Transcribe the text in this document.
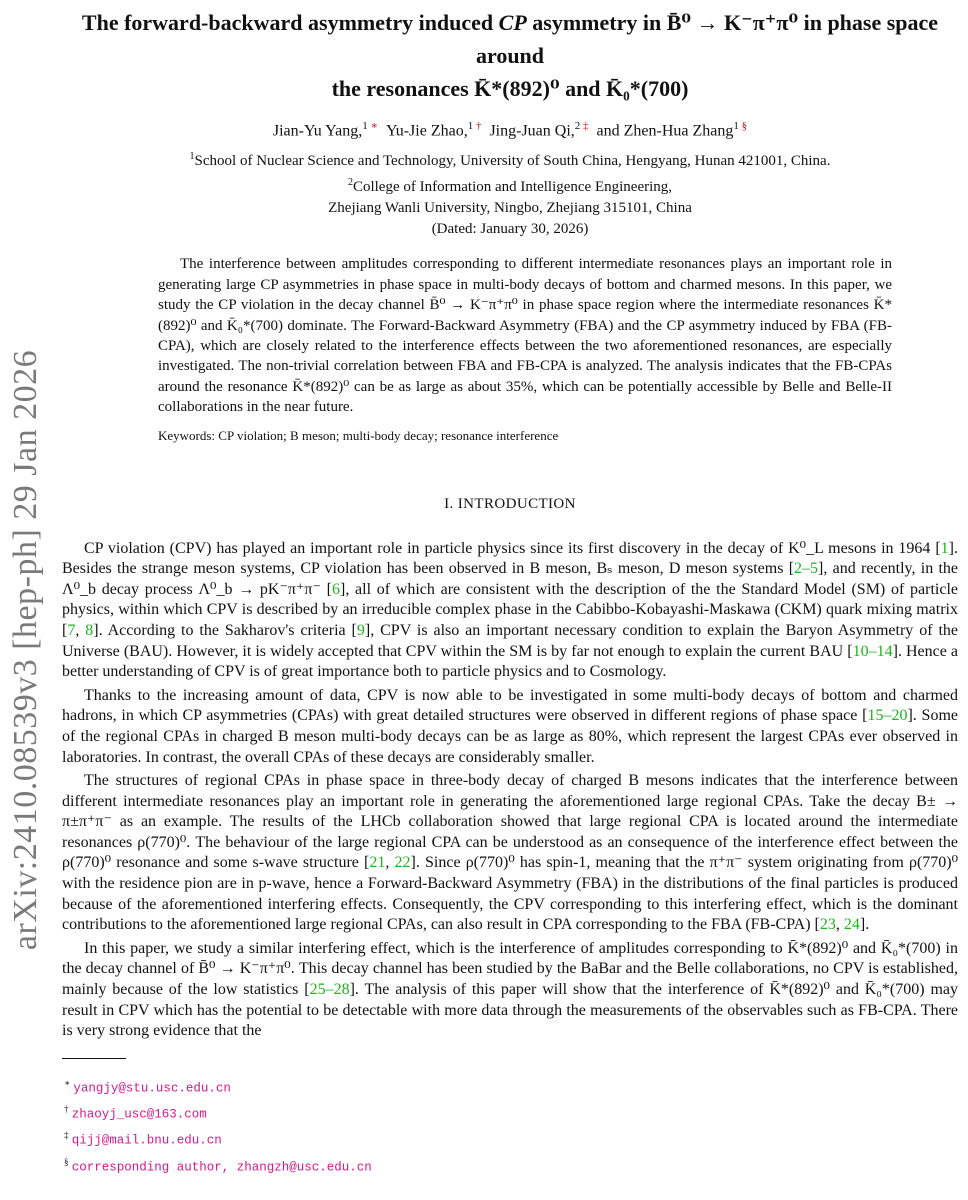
arXiv:2410.08539v3 [hep-ph] 29 Jan 2026
The forward-backward asymmetry induced CP asymmetry in B̄⁰ → K⁻π⁺π⁰ in phase space around
the resonances K̄*(892)⁰ and K̄₀*(700)
Jian-Yu Yang,$^{1 ∗}$ Yu-Jie Zhao,$^{1 \dagger}$ Jing-Juan Qi,$^{2 \ddagger}$ and Zhen-Hua Zhang$^{1 \S}$
$^1$School of Nuclear Science and Technology, University of South China, Hengyang, Hunan 421001, China.
$^2$College of Information and Intelligence Engineering,
Zhejiang Wanli University, Ningbo, Zhejiang 315101, China
(Dated: January 30, 2026)
The interference between amplitudes corresponding to different intermediate resonances plays an important role in generating large CP asymmetries in phase space in multi-body decays of bottom and charmed mesons. In this paper, we study the CP violation in the decay channel B̄⁰ → K⁻π⁺π⁰ in phase space region where the intermediate resonances K̄*(892)⁰ and K̄₀*(700) dominate. The Forward-Backward Asymmetry (FBA) and the CP asymmetry induced by FBA (FB-CPA), which are closely related to the interference effects between the two aforementioned resonances, are especially investigated. The non-trivial correlation between FBA and FB-CPA is analyzed. The analysis indicates that the FB-CPAs around the resonance K̄*(892)⁰ can be as large as about 35%, which can be potentially accessible by Belle and Belle-II collaborations in the near future.
Keywords: CP violation; B meson; multi-body decay; resonance interference
I. INTRODUCTION

CP violation (CPV) has played an important role in particle physics since its first discovery in the decay of K⁰_L mesons in 1964 [1]. Besides the strange meson systems, CP violation has been observed in B meson, Bₛ meson, D meson systems [2–5], and recently, in the Λ⁰_b decay process Λ⁰_b → pK⁻π⁺π⁻ [6], all of which are consistent with the description of the the Standard Model (SM) of particle physics, within which CPV is described by an irreducible complex phase in the Cabibbo-Kobayashi-Maskawa (CKM) quark mixing matrix [7, 8]. According to the Sakharov's criteria [9], CPV is also an important necessary condition to explain the Baryon Asymmetry of the Universe (BAU). However, it is widely accepted that CPV within the SM is by far not enough to explain the current BAU [10–14]. Hence a better understanding of CPV is of great importance both to particle physics and to Cosmology.

Thanks to the increasing amount of data, CPV is now able to be investigated in some multi-body decays of bottom and charmed hadrons, in which CP asymmetries (CPAs) with great detailed structures were observed in different regions of phase space [15–20]. Some of the regional CPAs in charged B meson multi-body decays can be as large as 80%, which represent the largest CPAs ever observed in laboratories. In contrast, the overall CPAs of these decays are considerably smaller.

The structures of regional CPAs in phase space in three-body decay of charged B mesons indicates that the interference between different intermediate resonances play an important role in generating the aforementioned large regional CPAs. Take the decay B± → π±π⁺π⁻ as an example. The results of the LHCb collaboration showed that large regional CPA is located around the intermediate resonances ρ(770)⁰. The behaviour of the large regional CPA can be understood as an consequence of the interference effect between the ρ(770)⁰ resonance and some s-wave structure [21, 22]. Since ρ(770)⁰ has spin-1, meaning that the π⁺π⁻ system originating from ρ(770)⁰ with the residence pion are in p-wave, hence a Forward-Backward Asymmetry (FBA) in the distributions of the final particles is produced because of the aforementioned interfering effects. Consequently, the CPV corresponding to this interfering effect, which is the dominant contributions to the aforementioned large regional CPAs, can also result in CPA corresponding to the FBA (FB-CPA) [23, 24].

In this paper, we study a similar interfering effect, which is the interference of amplitudes corresponding to K̄*(892)⁰ and K̄₀*(700) in the decay channel of B̄⁰ → K⁻π⁺π⁰. This decay channel has been studied by the BaBar and the Belle collaborations, no CPV is established, mainly because of the low statistics [25–28]. The analysis of this paper will show that the interference of K̄*(892)⁰ and K̄₀*(700) may result in CPV which has the potential to be detectable with more data through the measurements of the observables such as FB-CPA. There is very strong evidence that the

∗ yangjy@stu.usc.edu.cn
† zhaoyj_usc@163.com
‡ qijj@mail.bnu.edu.cn
§ corresponding author, zhangzh@usc.edu.cn
